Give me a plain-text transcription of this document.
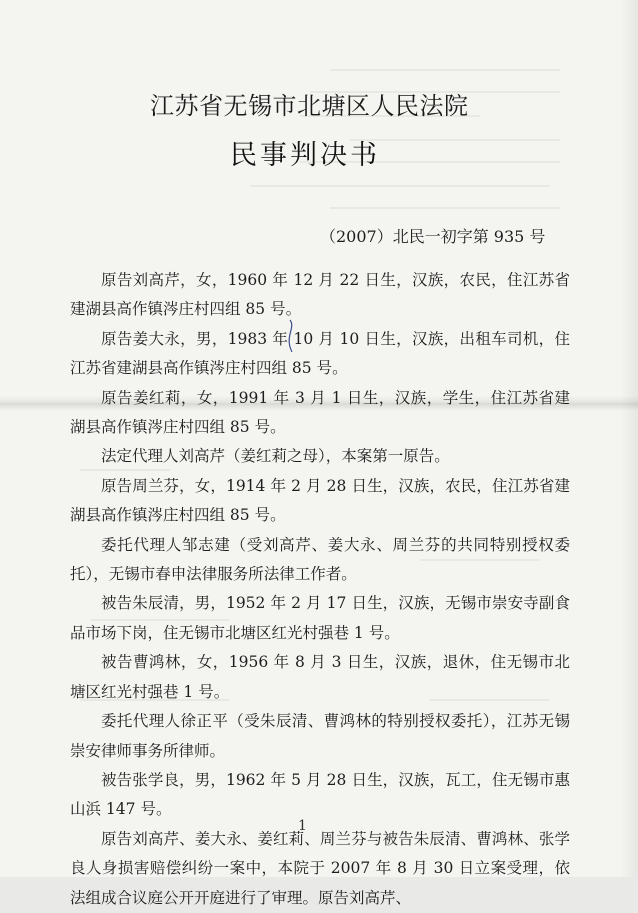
江苏省无锡市北塘区人民法院
民事判决书
（2007）北民一初字第 935 号

原告刘高芹，女，1960 年 12 月 22 日生，汉族，农民，住江苏省建湖县高作镇涔庄村四组 85 号。

原告姜大永，男，1983 年 10 月 10 日生，汉族，出租车司机，住江苏省建湖县高作镇涔庄村四组 85 号。

原告姜红莉，女，1991 年 3 月 1 日生，汉族，学生，住江苏省建湖县高作镇涔庄村四组 85 号。

法定代理人刘高芹（姜红莉之母），本案第一原告。

原告周兰芬，女，1914 年 2 月 28 日生，汉族，农民，住江苏省建湖县高作镇涔庄村四组 85 号。

委托代理人邹志建（受刘高芹、姜大永、周兰芬的共同特别授权委托），无锡市春申法律服务所法律工作者。

被告朱辰清，男，1952 年 2 月 17 日生，汉族，无锡市崇安寺副食品市场下岗，住无锡市北塘区红光村强巷 1 号。

被告曹鸿林，女，1956 年 8 月 3 日生，汉族，退休，住无锡市北塘区红光村强巷 1 号。

委托代理人徐正平（受朱辰清、曹鸿林的特别授权委托），江苏无锡崇安律师事务所律师。

被告张学良，男，1962 年 5 月 28 日生，汉族，瓦工，住无锡市惠山浜 147 号。

原告刘高芹、姜大永、姜红莉、周兰芬与被告朱辰清、曹鸿林、张学良人身损害赔偿纠纷一案中，本院于 2007 年 8 月 30 日立案受理，依法组成合议庭公开开庭进行了审理。原告刘高芹、

1
